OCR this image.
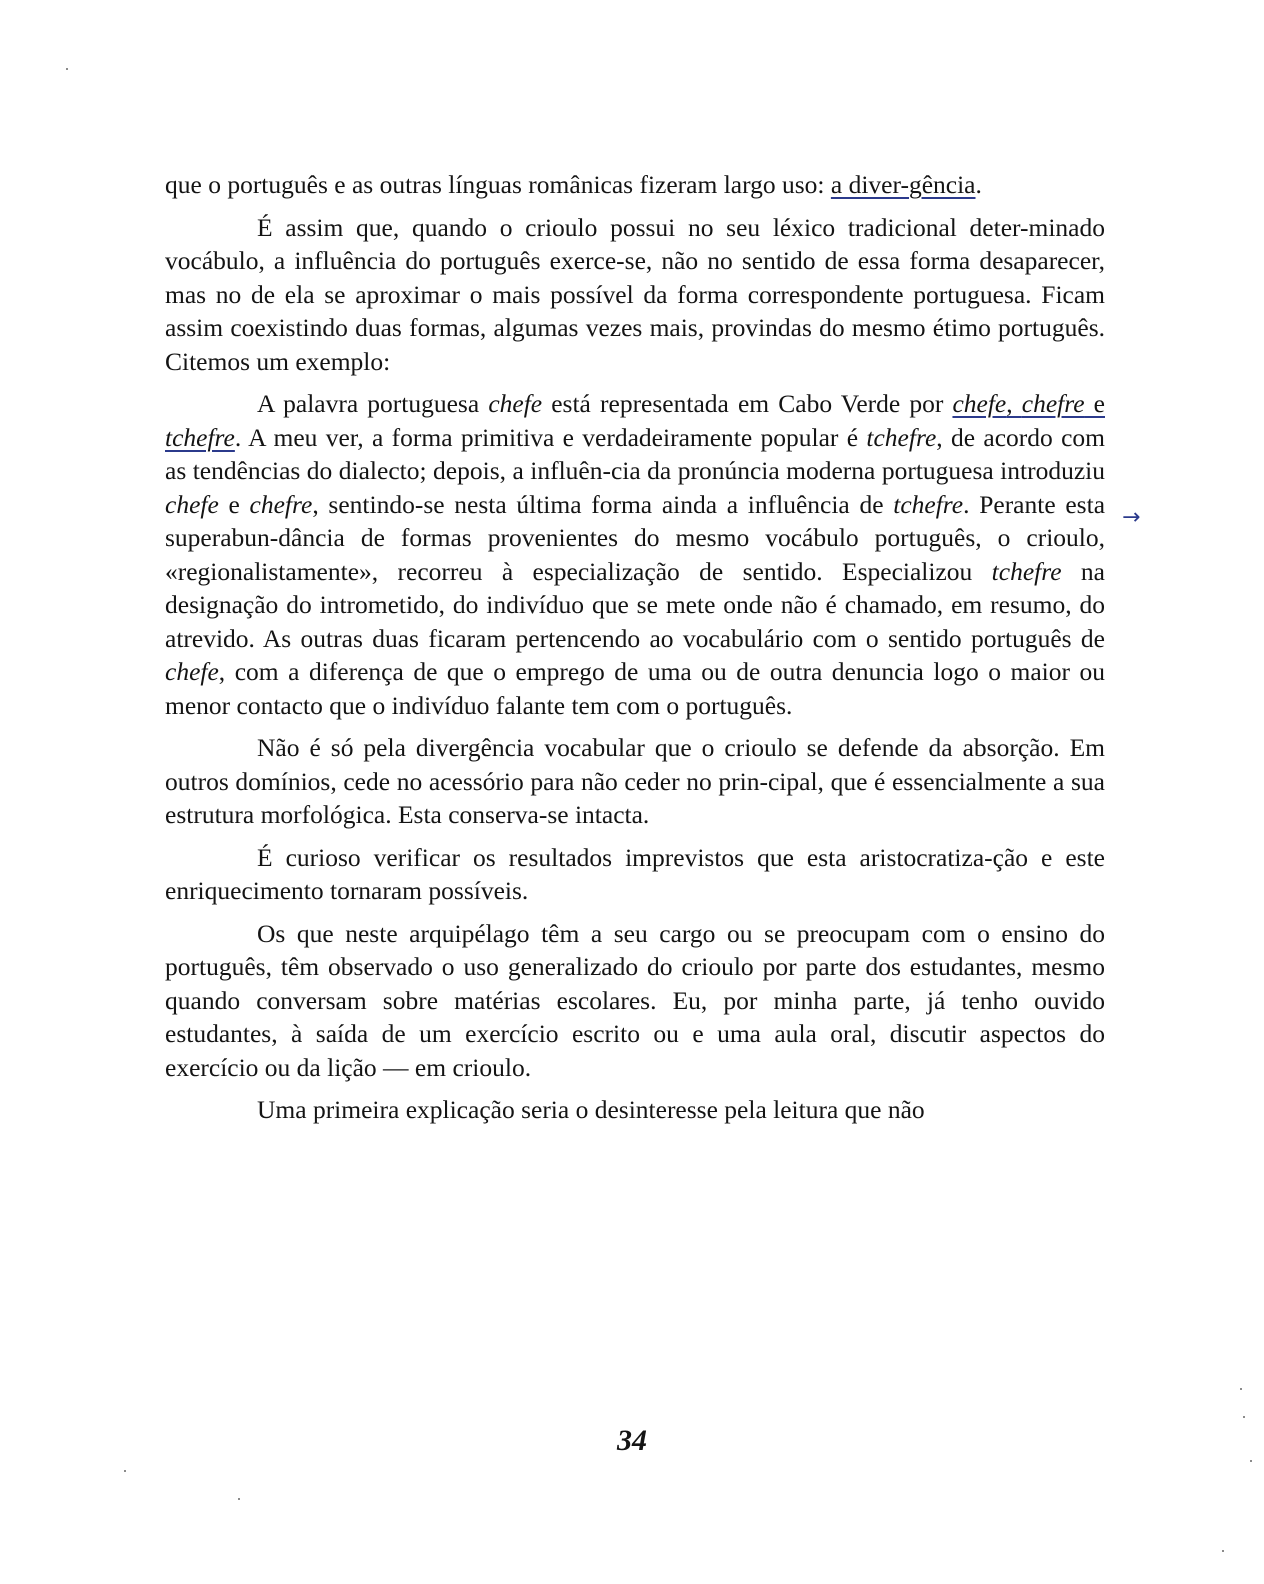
que o português e as outras línguas românicas fizeram largo uso: a diver-gência.

É assim que, quando o crioulo possui no seu léxico tradicional deter-minado vocábulo, a influência do português exerce-se, não no sentido de essa forma desaparecer, mas no de ela se aproximar o mais possível da forma correspondente portuguesa. Ficam assim coexistindo duas formas, algumas vezes mais, provindas do mesmo étimo português. Citemos um exemplo:

A palavra portuguesa chefe está representada em Cabo Verde por chefe, chefre e tchefre. A meu ver, a forma primitiva e verdadeiramente popular é tchefre, de acordo com as tendências do dialecto; depois, a influên-cia da pronúncia moderna portuguesa introduziu chefe e chefre, sentindo-se nesta última forma ainda a influência de tchefre. Perante esta superabun-dância de formas provenientes do mesmo vocábulo português, o crioulo, «regionalistamente», recorreu à especialização de sentido. Especializou tchefre na designação do intrometido, do indivíduo que se mete onde não é chamado, em resumo, do atrevido. As outras duas ficaram pertencendo ao vocabulário com o sentido português de chefe, com a diferença de que o emprego de uma ou de outra denuncia logo o maior ou menor contacto que o indivíduo falante tem com o português.

Não é só pela divergência vocabular que o crioulo se defende da absorção. Em outros domínios, cede no acessório para não ceder no prin-cipal, que é essencialmente a sua estrutura morfológica. Esta conserva-se intacta.

É curioso verificar os resultados imprevistos que esta aristocratiza-ção e este enriquecimento tornaram possíveis.

Os que neste arquipélago têm a seu cargo ou se preocupam com o ensino do português, têm observado o uso generalizado do crioulo por parte dos estudantes, mesmo quando conversam sobre matérias escolares. Eu, por minha parte, já tenho ouvido estudantes, à saída de um exercício escrito ou e uma aula oral, discutir aspectos do exercício ou da lição — em crioulo.

Uma primeira explicação seria o desinteresse pela leitura que não

→
34
